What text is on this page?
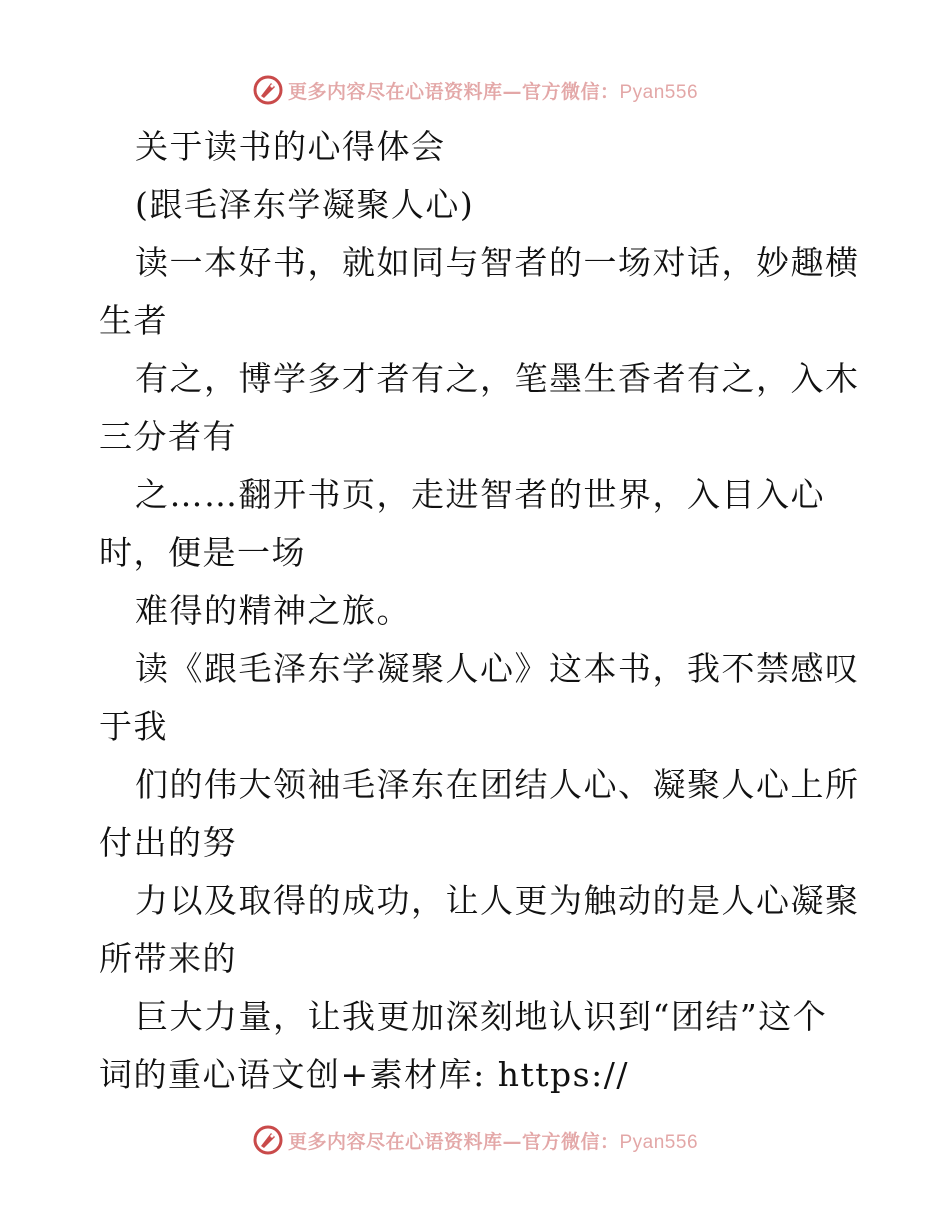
更多内容尽在心语资料库—官方微信：Pyan556
关于读书的心得体会
(跟毛泽东学凝聚人心)
读一本好书，就如同与智者的一场对话，妙趣横
生者
有之，博学多才者有之，笔墨生香者有之，入木
三分者有
之……翻开书页，走进智者的世界，入目入心
时，便是一场
难得的精神之旅。
读《跟毛泽东学凝聚人心》这本书，我不禁感叹
于我
们的伟大领袖毛泽东在团结人心、凝聚人心上所
付出的努
力以及取得的成功，让人更为触动的是人心凝聚
所带来的
巨大力量，让我更加深刻地认识到“团结”这个
词的重心语文创+素材库: https://
更多内容尽在心语资料库—官方微信：Pyan556
